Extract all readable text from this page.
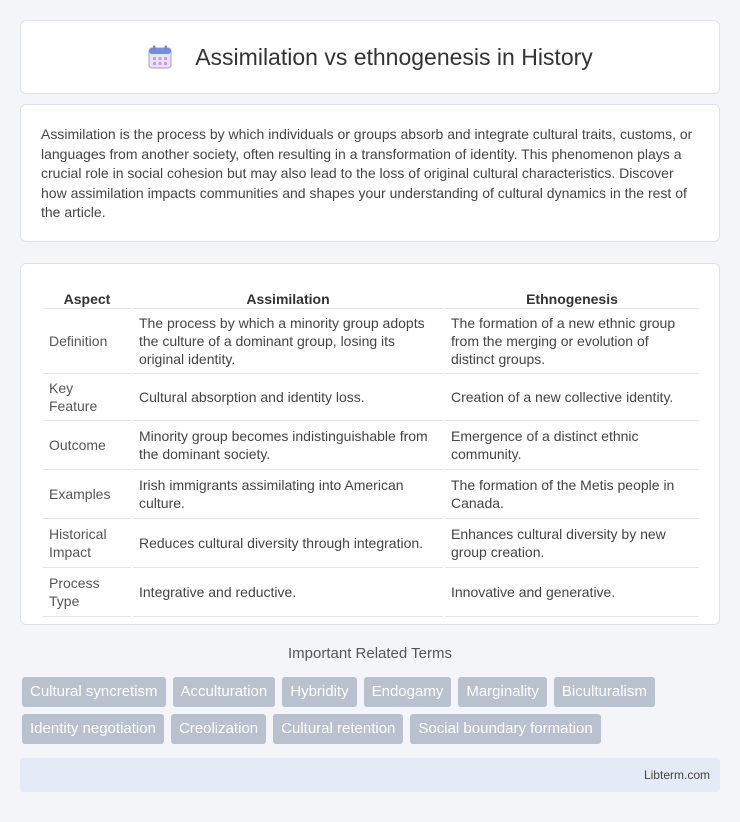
Assimilation vs ethnogenesis in History

Assimilation is the process by which individuals or groups absorb and integrate cultural traits, customs, or languages from another society, often resulting in a transformation of identity. This phenomenon plays a crucial role in social cohesion but may also lead to the loss of original cultural characteristics. Discover how assimilation impacts communities and shapes your understanding of cultural dynamics in the rest of the article.

Aspect	Assimilation	Ethnogenesis
Definition	The process by which a minority group adopts the culture of a dominant group, losing its original identity.	The formation of a new ethnic group from the merging or evolution of distinct groups.
Key Feature	Cultural absorption and identity loss.	Creation of a new collective identity.
Outcome	Minority group becomes indistinguishable from the dominant society.	Emergence of a distinct ethnic community.
Examples	Irish immigrants assimilating into American culture.	The formation of the Metis people in Canada.
Historical Impact	Reduces cultural diversity through integration.	Enhances cultural diversity by new group creation.
Process Type	Integrative and reductive.	Innovative and generative.
Important Related Terms
Cultural syncretism	Acculturation	Hybridity	Endogamy	Marginality	Biculturalism
Identity negotiation	Creolization	Cultural retention	Social boundary formation
Libterm.com
